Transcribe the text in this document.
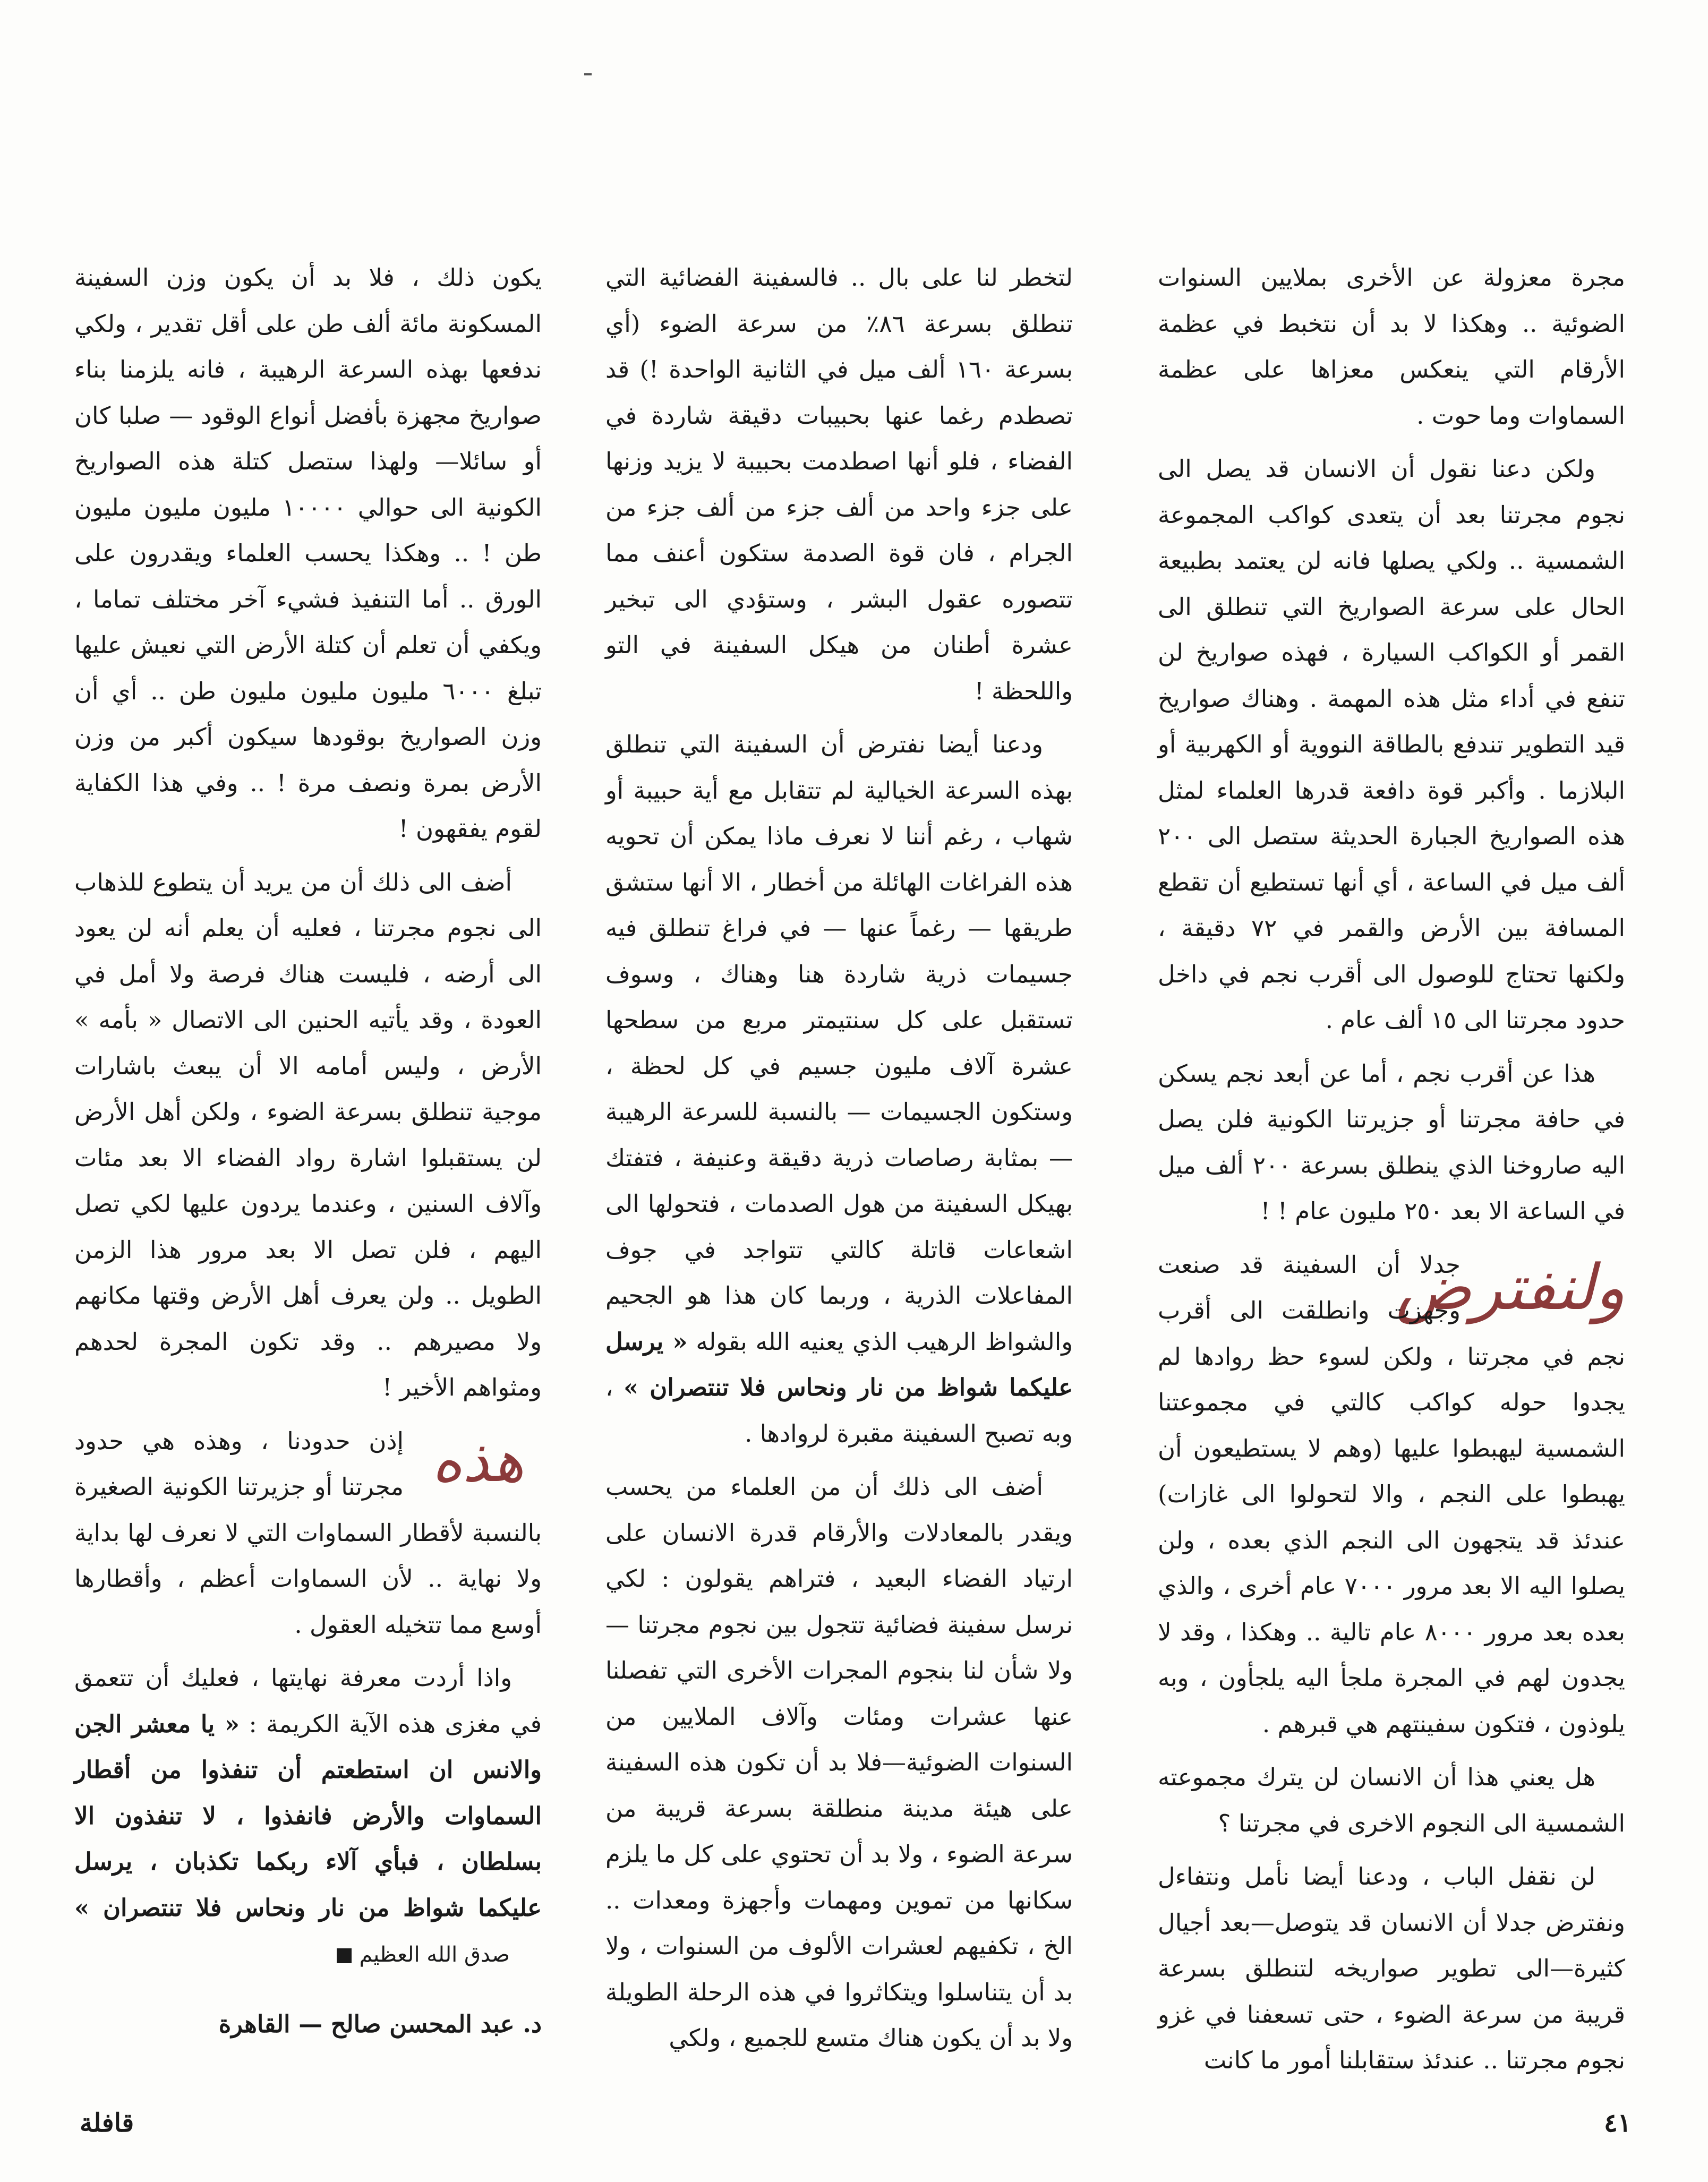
مجرة معزولة عن الأخرى بملايين السنوات الضوئية .. وهكذا لا بد أن نتخبط في عظمة الأرقام التي ينعكس معزاها على عظمة السماوات وما حوت .

ولكن دعنا نقول أن الانسان قد يصل الى نجوم مجرتنا بعد أن يتعدى كواكب المجموعة الشمسية .. ولكي يصلها فانه لن يعتمد بطبيعة الحال على سرعة الصواريخ التي تنطلق الى القمر أو الكواكب السيارة ، فهذه صواريخ لن تنفع في أداء مثل هذه المهمة . وهناك صواريخ قيد التطوير تندفع بالطاقة النووية أو الكهربية أو البلازما . وأكبر قوة دافعة قدرها العلماء لمثل هذه الصواريخ الجبارة الحديثة ستصل الى ٢٠٠ ألف ميل في الساعة ، أي أنها تستطيع أن تقطع المسافة بين الأرض والقمر في ٧٢ دقيقة ، ولكنها تحتاج للوصول الى أقرب نجم في داخل حدود مجرتنا الى ١٥ ألف عام .

هذا عن أقرب نجم ، أما عن أبعد نجم يسكن في حافة مجرتنا أو جزيرتنا الكونية فلن يصل اليه صاروخنا الذي ينطلق بسرعة ٢٠٠ ألف ميل في الساعة الا بعد ٢٥٠ مليون عام ! !

ولنفترض
جدلا أن السفينة قد صنعت وجهزت وانطلقت الى أقرب نجم في مجرتنا ، ولكن لسوء حظ روادها لم يجدوا حوله كواكب كالتي في مجموعتنا الشمسية ليهبطوا عليها (وهم لا يستطيعون أن يهبطوا على النجم ، والا لتحولوا الى غازات) عندئذ قد يتجهون الى النجم الذي بعده ، ولن يصلوا اليه الا بعد مرور ٧٠٠٠ عام أخرى ، والذي بعده بعد مرور ٨٠٠٠ عام تالية .. وهكذا ، وقد لا يجدون لهم في المجرة ملجأ اليه يلجأون ، وبه يلوذون ، فتكون سفينتهم هي قبرهم .

هل يعني هذا أن الانسان لن يترك مجموعته الشمسية الى النجوم الاخرى في مجرتنا ؟

لن نقفل الباب ، ودعنا أيضا نأمل ونتفاءل ونفترض جدلا أن الانسان قد يتوصل—بعد أجيال كثيرة—الى تطوير صواريخه لتنطلق بسرعة قريبة من سرعة الضوء ، حتى تسعفنا في غزو نجوم مجرتنا .. عندئذ ستقابلنا أمور ما كانت

لتخطر لنا على بال .. فالسفينة الفضائية التي تنطلق بسرعة ٨٦٪ من سرعة الضوء (أي بسرعة ١٦٠ ألف ميل في الثانية الواحدة !) قد تصطدم رغما عنها بحبيبات دقيقة شاردة في الفضاء ، فلو أنها اصطدمت بحبيبة لا يزيد وزنها على جزء واحد من ألف جزء من ألف جزء من الجرام ، فان قوة الصدمة ستكون أعنف مما تتصوره عقول البشر ، وستؤدي الى تبخير عشرة أطنان من هيكل السفينة في التو واللحظة !

ودعنا أيضا نفترض أن السفينة التي تنطلق بهذه السرعة الخيالية لم تتقابل مع أية حبيبة أو شهاب ، رغم أننا لا نعرف ماذا يمكن أن تحويه هذه الفراغات الهائلة من أخطار ، الا أنها ستشق طريقها — رغماً عنها — في فراغ تنطلق فيه جسيمات ذرية شاردة هنا وهناك ، وسوف تستقبل على كل سنتيمتر مربع من سطحها عشرة آلاف مليون جسيم في كل لحظة ، وستكون الجسيمات — بالنسبة للسرعة الرهيبة — بمثابة رصاصات ذرية دقيقة وعنيفة ، فتفتك بهيكل السفينة من هول الصدمات ، فتحولها الى اشعاعات قاتلة كالتي تتواجد في جوف المفاعلات الذرية ، وربما كان هذا هو الجحيم والشواظ الرهيب الذي يعنيه الله بقوله « يرسل عليكما شواظ من نار ونحاس فلا تنتصران » ، وبه تصبح السفينة مقبرة لروادها .

أضف الى ذلك أن من العلماء من يحسب ويقدر بالمعادلات والأرقام قدرة الانسان على ارتياد الفضاء البعيد ، فتراهم يقولون : لكي نرسل سفينة فضائية تتجول بين نجوم مجرتنا — ولا شأن لنا بنجوم المجرات الأخرى التي تفصلنا عنها عشرات ومئات وآلاف الملايين من السنوات الضوئية—فلا بد أن تكون هذه السفينة على هيئة مدينة منطلقة بسرعة قريبة من سرعة الضوء ، ولا بد أن تحتوي على كل ما يلزم سكانها من تموين ومهمات وأجهزة ومعدات .. الخ ، تكفيهم لعشرات الألوف من السنوات ، ولا بد أن يتناسلوا ويتكاثروا في هذه الرحلة الطويلة ولا بد أن يكون هناك متسع للجميع ، ولكي

يكون ذلك ، فلا بد أن يكون وزن السفينة المسكونة مائة ألف طن على أقل تقدير ، ولكي ندفعها بهذه السرعة الرهيبة ، فانه يلزمنا بناء صواريخ مجهزة بأفضل أنواع الوقود — صلبا كان أو سائلا— ولهذا ستصل كتلة هذه الصواريخ الكونية الى حوالي ١٠٠٠٠ مليون مليون مليون طن ! .. وهكذا يحسب العلماء ويقدرون على الورق .. أما التنفيذ فشيء آخر مختلف تماما ، ويكفي أن تعلم أن كتلة الأرض التي نعيش عليها تبلغ ٦٠٠٠ مليون مليون مليون طن .. أي أن وزن الصواريخ بوقودها سيكون أكبر من وزن الأرض بمرة ونصف مرة ! .. وفي هذا الكفاية لقوم يفقهون !

أضف الى ذلك أن من يريد أن يتطوع للذهاب الى نجوم مجرتنا ، فعليه أن يعلم أنه لن يعود الى أرضه ، فليست هناك فرصة ولا أمل في العودة ، وقد يأتيه الحنين الى الاتصال « بأمه » الأرض ، وليس أمامه الا أن يبعث باشارات موجية تنطلق بسرعة الضوء ، ولكن أهل الأرض لن يستقبلوا اشارة رواد الفضاء الا بعد مئات وآلاف السنين ، وعندما يردون عليها لكي تصل اليهم ، فلن تصل الا بعد مرور هذا الزمن الطويل .. ولن يعرف أهل الأرض وقتها مكانهم ولا مصيرهم .. وقد تكون المجرة لحدهم ومثواهم الأخير !

هذه
إذن حدودنا ، وهذه هي حدود مجرتنا أو جزيرتنا الكونية الصغيرة بالنسبة لأقطار السماوات التي لا نعرف لها بداية ولا نهاية .. لأن السماوات أعظم ، وأقطارها أوسع مما تتخيله العقول .

واذا أردت معرفة نهايتها ، فعليك أن تتعمق في مغزى هذه الآية الكريمة : « يا معشر الجن والانس ان استطعتم أن تنفذوا من أقطار السماوات والأرض فانفذوا ، لا تنفذون الا بسلطان ، فبأي آلاء ربكما تكذبان ، يرسل عليكما شواظ من نار ونحاس فلا تنتصران » صدق الله العظيم

د. عبد المحسن صالح — القاهرة
٤١
قافلة
